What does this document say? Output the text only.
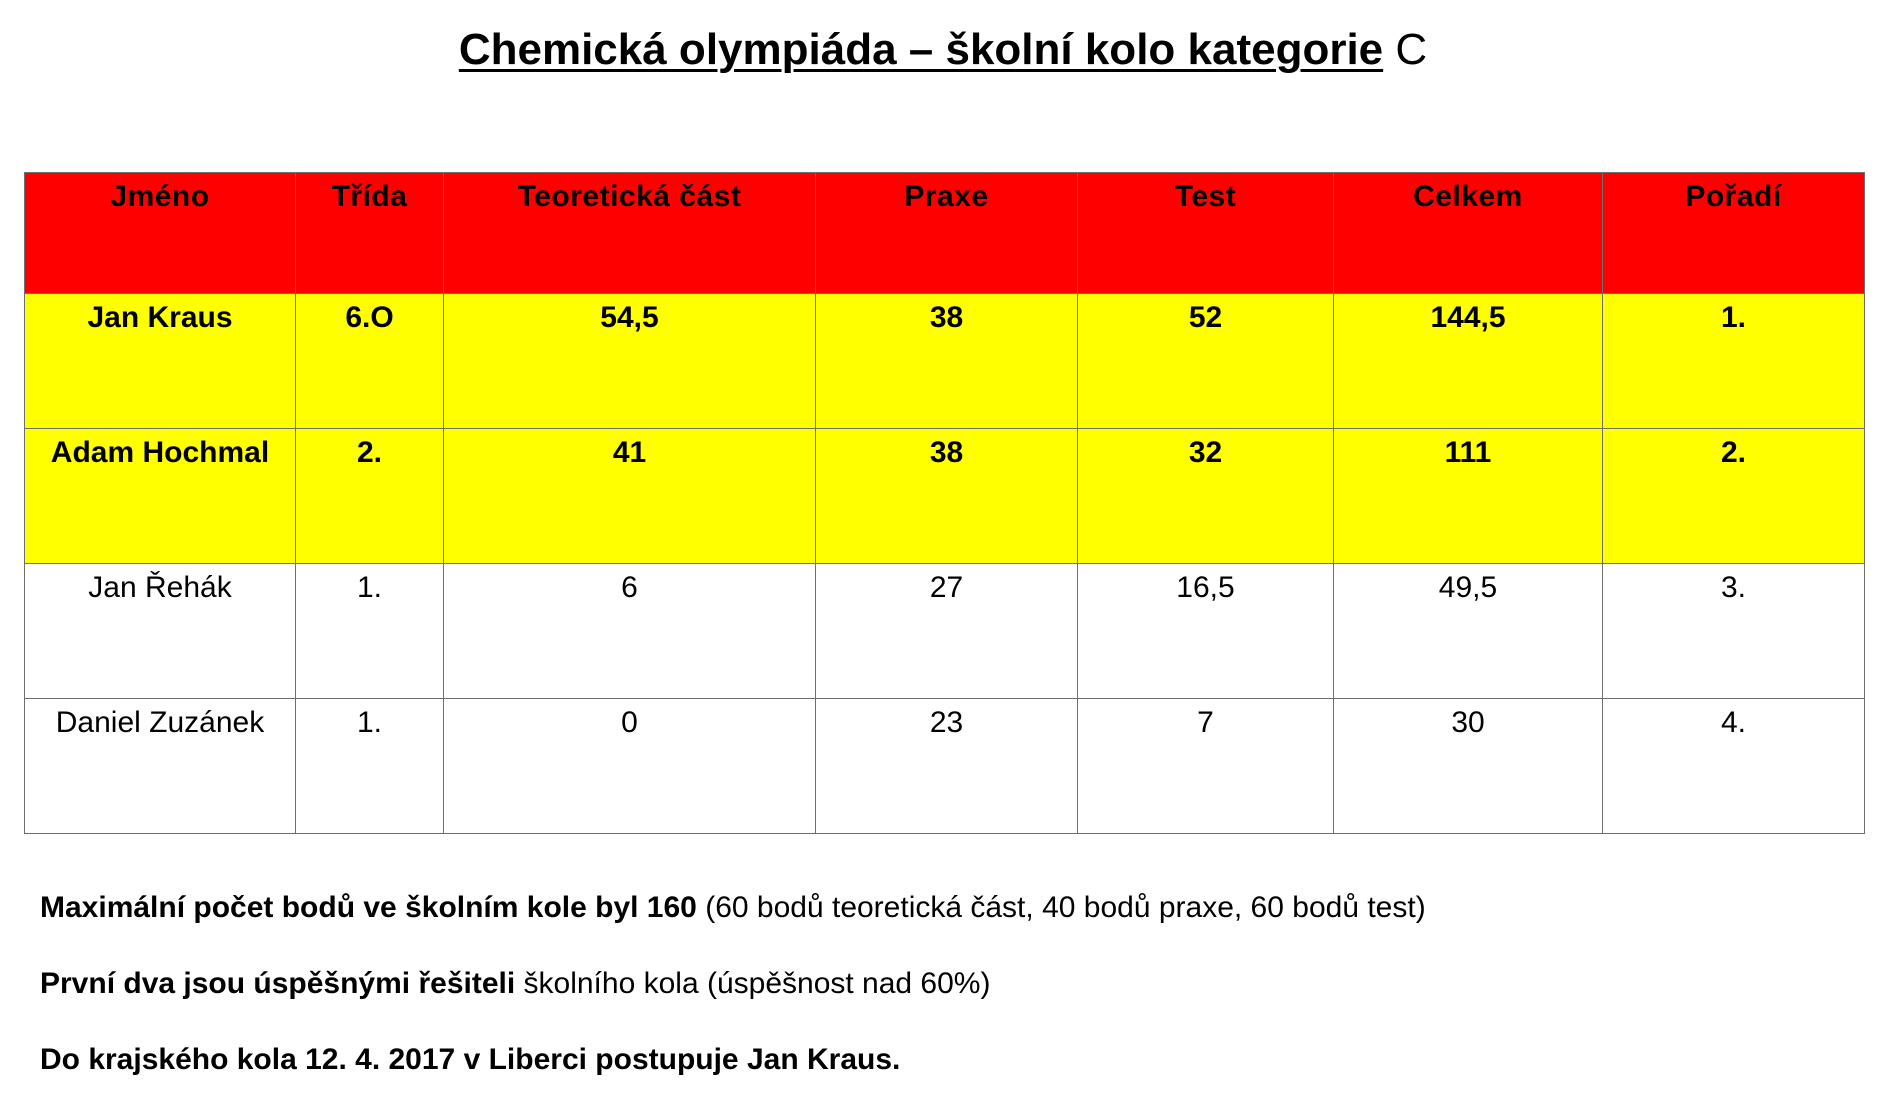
Chemická olympiáda – školní kolo kategorie C
Jméno	Třída	Teoretická část	Praxe	Test	Celkem	Pořadí
Jan Kraus	6.O	54,5	38	52	144,5	1.
Adam Hochmal	2.	41	38	32	111	2.
Jan Řehák	1.	6	27	16,5	49,5	3.
Daniel Zuzánek	1.	0	23	7	30	4.

Maximální počet bodů ve školním kole byl 160 (60 bodů teoretická část, 40 bodů praxe, 60 bodů test)

První dva jsou úspěšnými řešiteli školního kola (úspěšnost nad 60%)

Do krajského kola 12. 4. 2017 v Liberci postupuje Jan Kraus.
